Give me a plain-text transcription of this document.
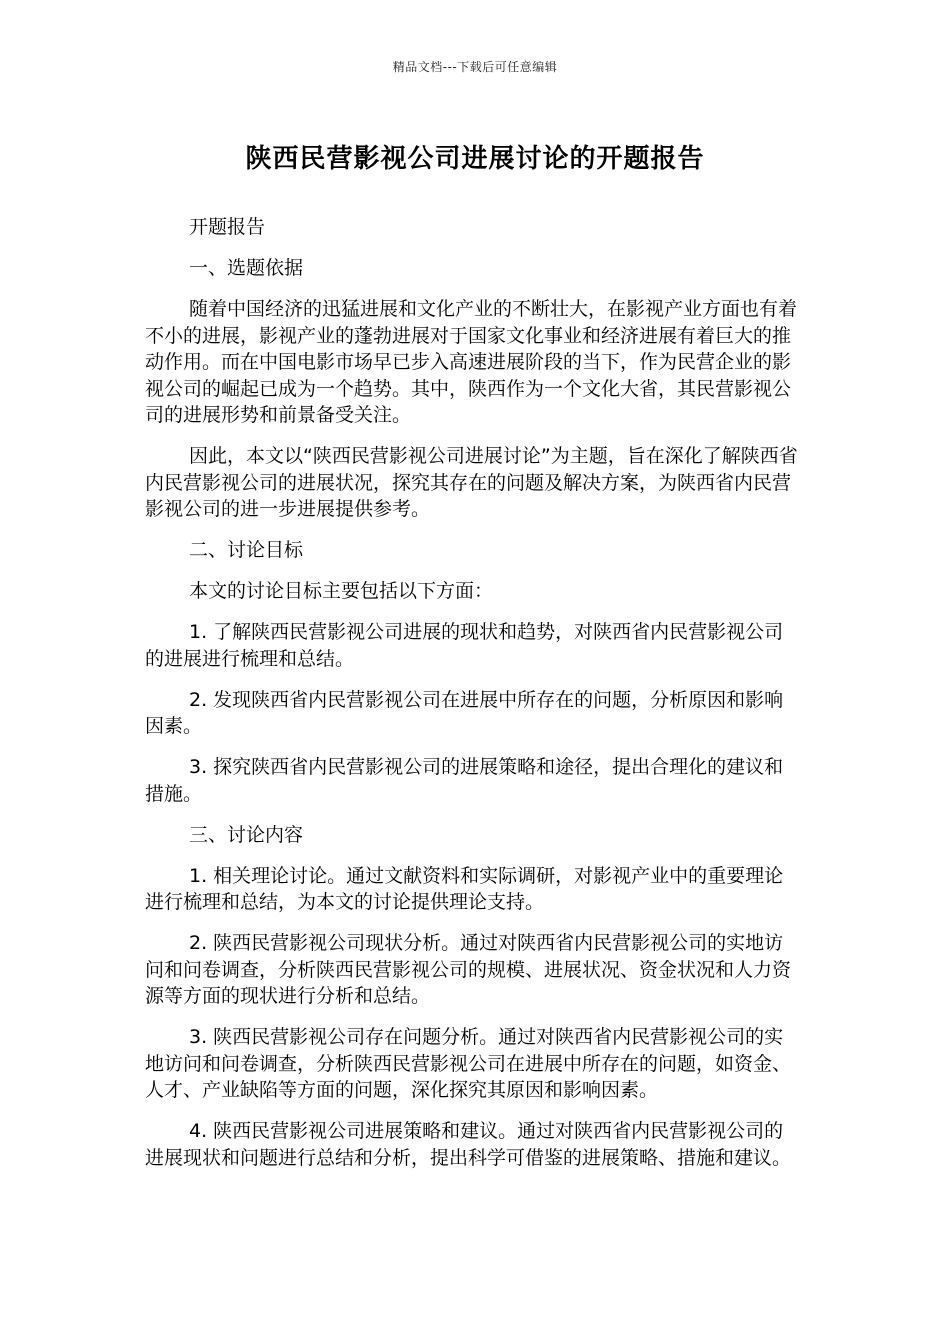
精品文档---下载后可任意编辑
陕西民营影视公司进展讨论的开题报告

开题报告

一、选题依据

随着中国经济的迅猛进展和文化产业的不断壮大，在影视产业方面也有着不小的进展，影视产业的蓬勃进展对于国家文化事业和经济进展有着巨大的推动作用。而在中国电影市场早已步入高速进展阶段的当下，作为民营企业的影视公司的崛起已成为一个趋势。其中，陕西作为一个文化大省，其民营影视公司的进展形势和前景备受关注。

因此，本文以“陕西民营影视公司进展讨论”为主题，旨在深化了解陕西省内民营影视公司的进展状况，探究其存在的问题及解决方案，为陕西省内民营影视公司的进一步进展提供参考。

二、讨论目标

本文的讨论目标主要包括以下方面：

1. 了解陕西民营影视公司进展的现状和趋势，对陕西省内民营影视公司的进展进行梳理和总结。

2. 发现陕西省内民营影视公司在进展中所存在的问题，分析原因和影响因素。

3. 探究陕西省内民营影视公司的进展策略和途径，提出合理化的建议和措施。

三、讨论内容

1. 相关理论讨论。通过文献资料和实际调研，对影视产业中的重要理论进行梳理和总结，为本文的讨论提供理论支持。

2. 陕西民营影视公司现状分析。通过对陕西省内民营影视公司的实地访问和问卷调查，分析陕西民营影视公司的规模、进展状况、资金状况和人力资源等方面的现状进行分析和总结。

3. 陕西民营影视公司存在问题分析。通过对陕西省内民营影视公司的实地访问和问卷调查，分析陕西民营影视公司在进展中所存在的问题，如资金、人才、产业缺陷等方面的问题，深化探究其原因和影响因素。

4. 陕西民营影视公司进展策略和建议。通过对陕西省内民营影视公司的进展现状和问题进行总结和分析，提出科学可借鉴的进展策略、措施和建议。
